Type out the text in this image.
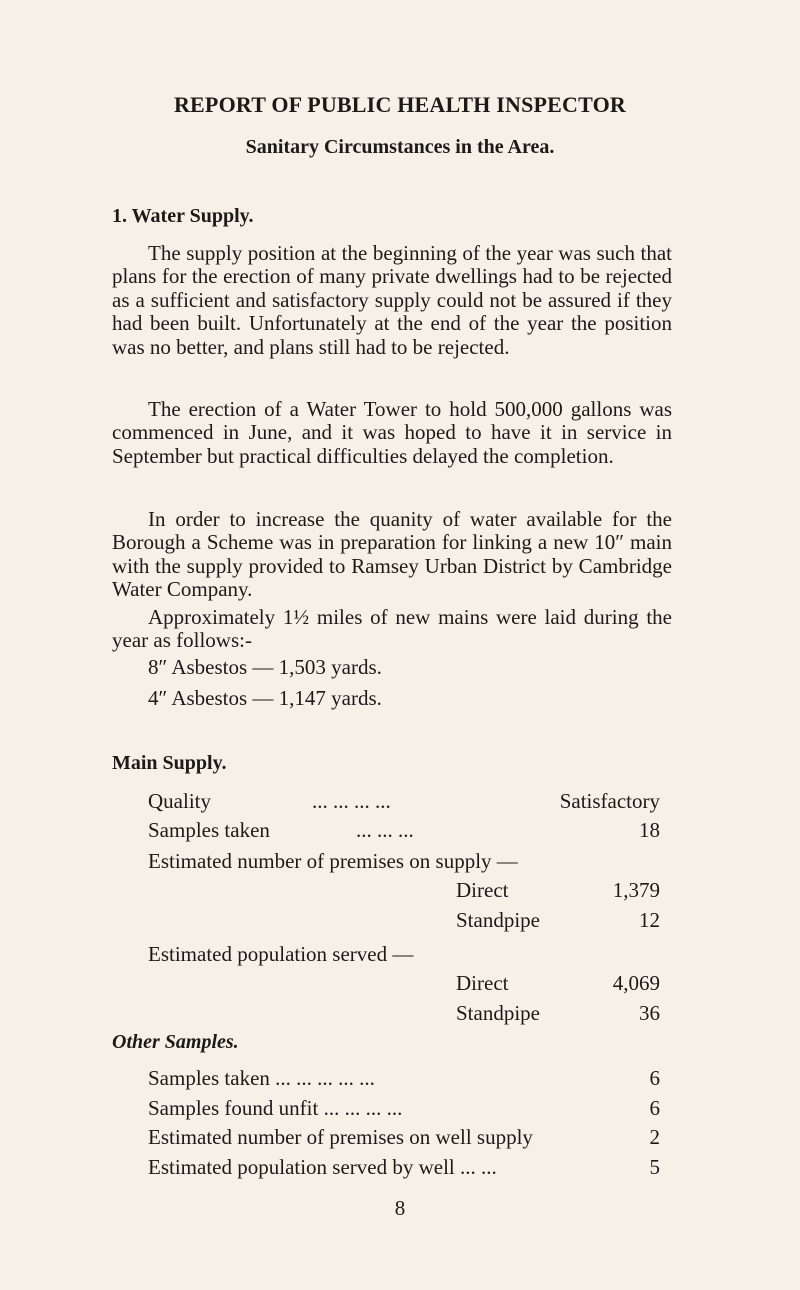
REPORT OF PUBLIC HEALTH INSPECTOR
Sanitary Circumstances in the Area.
1. Water Supply.
The supply position at the beginning of the year was such that plans for the erection of many private dwellings had to be rejected as a sufficient and satisfactory supply could not be assured if they had been built. Unfortunately at the end of the year the position was no better, and plans still had to be rejected.
The erection of a Water Tower to hold 500,000 gallons was commenced in June, and it was hoped to have it in service in September but practical difficulties delayed the completion.
In order to increase the quanity of water available for the Borough a Scheme was in preparation for linking a new 10″ main with the supply provided to Ramsey Urban District by Cambridge Water Company.
Approximately 1½ miles of new mains were laid during the year as follows:-
8″ Asbestos — 1,503 yards.
4″ Asbestos — 1,147 yards.
Main Supply.
Quality	... ... ... ...	Satisfactory
Samples taken	... ... ...	18
Estimated number of premises on supply —
Direct	1,379
Standpipe	12
Estimated population served —
Direct	4,069
Standpipe	36
Other Samples.
Samples taken ... ... ... ... ...	6
Samples found unfit ... ... ... ...	6
Estimated number of premises on well supply	2
Estimated population served by well ... ...	5
8
